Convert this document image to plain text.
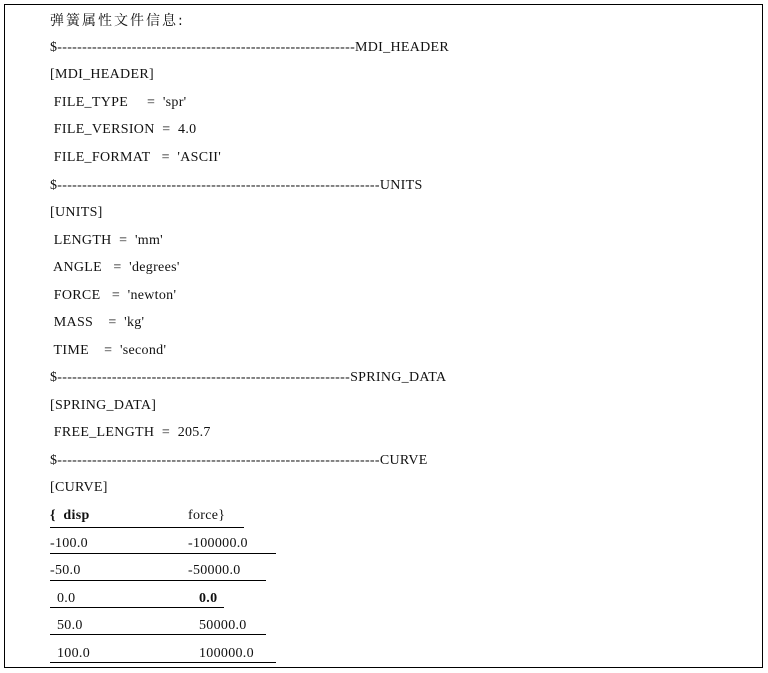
弹簧属性文件信息:
$------------------------------------------------------------MDI_HEADER
[MDI_HEADER]
FILE_TYPE     =  'spr'
FILE_VERSION  =  4.0
FILE_FORMAT   =  'ASCII'
$-----------------------------------------------------------------UNITS
[UNITS]
LENGTH  =  'mm'
ANGLE   =  'degrees'
FORCE   =  'newton'
MASS    =  'kg'
TIME    =  'second'
$-----------------------------------------------------------SPRING_DATA
[SPRING_DATA]
FREE_LENGTH  =  205.7
$-----------------------------------------------------------------CURVE
[CURVE]
{  disp	force}
-100.0	-100000.0
-50.0	-50000.0
0.0	0.0
50.0	50000.0
100.0	100000.0
